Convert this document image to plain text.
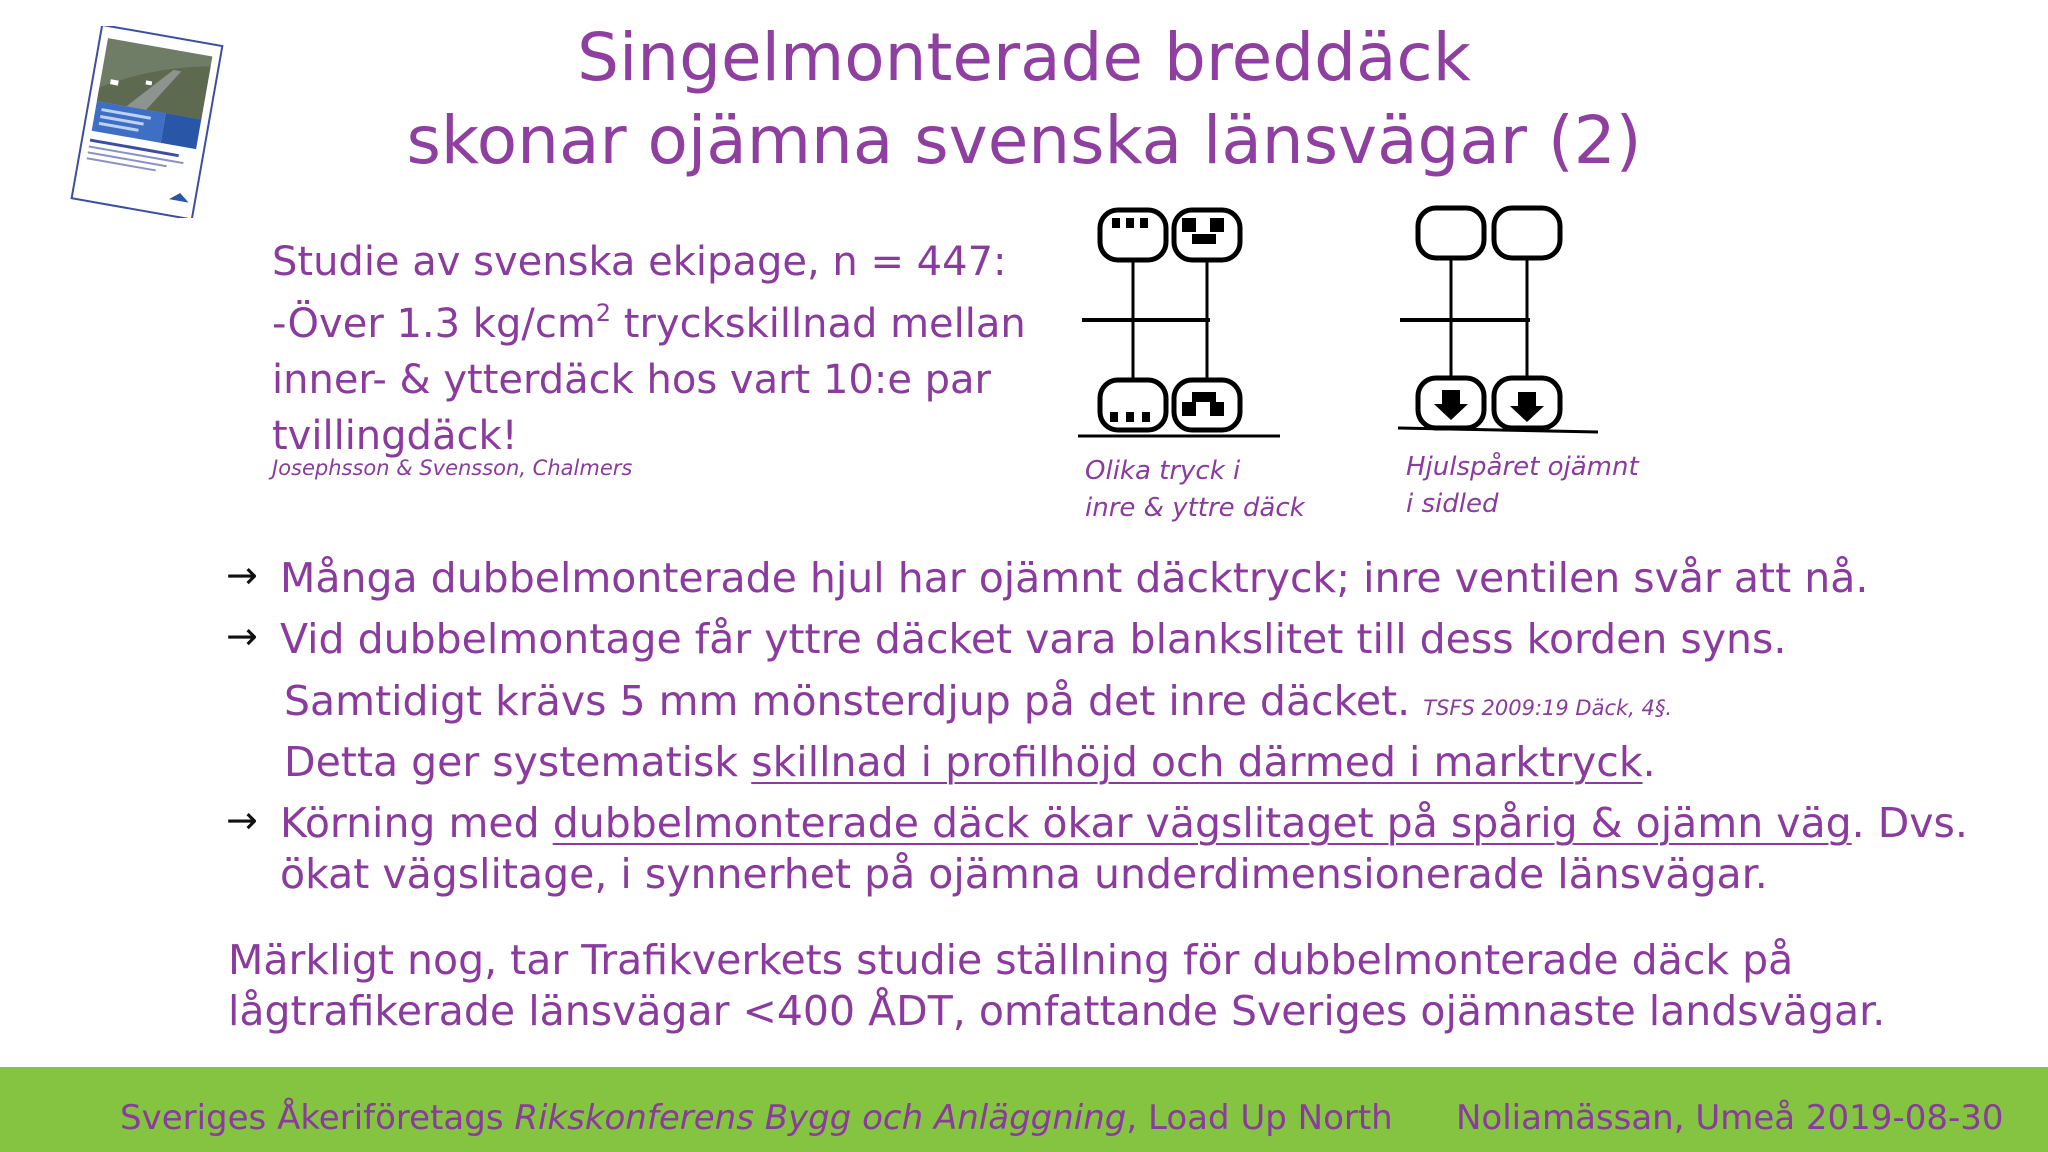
Singelmonterade breddäck
skonar ojämna svenska länsvägar (2)
Studie av svenska ekipage, n = 447:
-Över 1.3 $kg/cm^2$ tryckskillnad mellan
inner- & ytterdäck hos vart 10:e par
tvillingdäck!
Josephsson & Svensson, Chalmers	Olika tryck i
inre & yttre däck
Hjulspåret ojämnt
i sidled
→ Många dubbelmonterade hjul har ojämnt däcktryck; inre ventilen svår att nå.
→ Vid dubbelmontage får yttre däcket vara blankslitet till dess korden syns.
Samtidigt krävs 5 mm mönsterdjup på det inre däcket. TSFS 2009:19 Däck, 4§.
Detta ger systematisk skillnad i profilhöjd och därmed i marktryck.
→ Körning med dubbelmonterade däck ökar vägslitaget på spårig & ojämn väg. Dvs.
ökat vägslitage, i synnerhet på ojämna underdimensionerade länsvägar.
Märkligt nog, tar Trafikverkets studie ställning för dubbelmonterade däck på
lågtrafikerade länsvägar <400 ÅDT, omfattande Sveriges ojämnaste landsvägar.
Sveriges Åkeriföretags Rikskonferens Bygg och Anläggning, Load Up North Noliamässan, Umeå 2019-08-30
